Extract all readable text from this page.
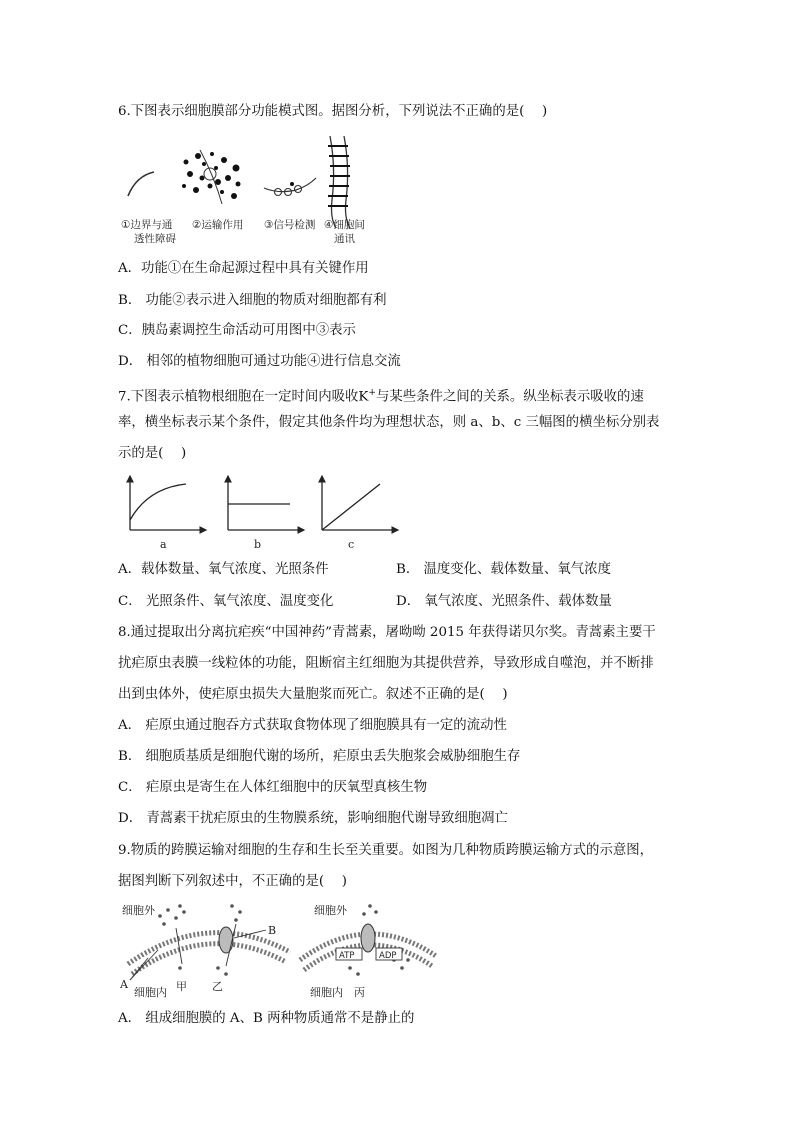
6.下图表示细胞膜部分功能模式图。据图分析，下列说法不正确的是(　 )
①边界与通
透性障碍
②运输作用 ③信号检测 ④细胞间
通讯
A．功能①在生命起源过程中具有关键作用
B． 功能②表示进入细胞的物质对细胞都有利
C．胰岛素调控生命活动可用图中③表示
D． 相邻的植物细胞可通过功能④进行信息交流
7.下图表示植物根细胞在一定时间内吸收K+与某些条件之间的关系。纵坐标表示吸收的速
率，横坐标表示某个条件，假定其他条件均为理想状态，则 a、b、c 三幅图的横坐标分别表
示的是(　 )
a	b	c
A．载体数量、氧气浓度、光照条件	B． 温度变化、载体数量、氧气浓度
C． 光照条件、氧气浓度、温度变化	D． 氧气浓度、光照条件、载体数量
8.通过提取出分离抗疟疾“中国神药”青蒿素，屠呦呦 2015 年获得诺贝尔奖。青蒿素主要干
扰疟原虫表膜一线粒体的功能，阻断宿主红细胞为其提供营养，导致形成自噬泡，并不断排
出到虫体外，使疟原虫损失大量胞浆而死亡。叙述不正确的是(　 )
A． 疟原虫通过胞吞方式获取食物体现了细胞膜具有一定的流动性
B． 细胞质基质是细胞代谢的场所，疟原虫丢失胞浆会威胁细胞生存
C． 疟原虫是寄生在人体红细胞中的厌氧型真核生物
D． 青蒿素干扰疟原虫的生物膜系统，影响细胞代谢导致细胞凋亡
9.物质的跨膜运输对细胞的生存和生长至关重要。如图为几种物质跨膜运输方式的示意图，
据图判断下列叙述中，不正确的是(　 )
细胞外
B
A
细胞内 甲 乙
ATP	ADP
细胞外
细胞内 丙
A． 组成细胞膜的 A、B 两种物质通常不是静止的
